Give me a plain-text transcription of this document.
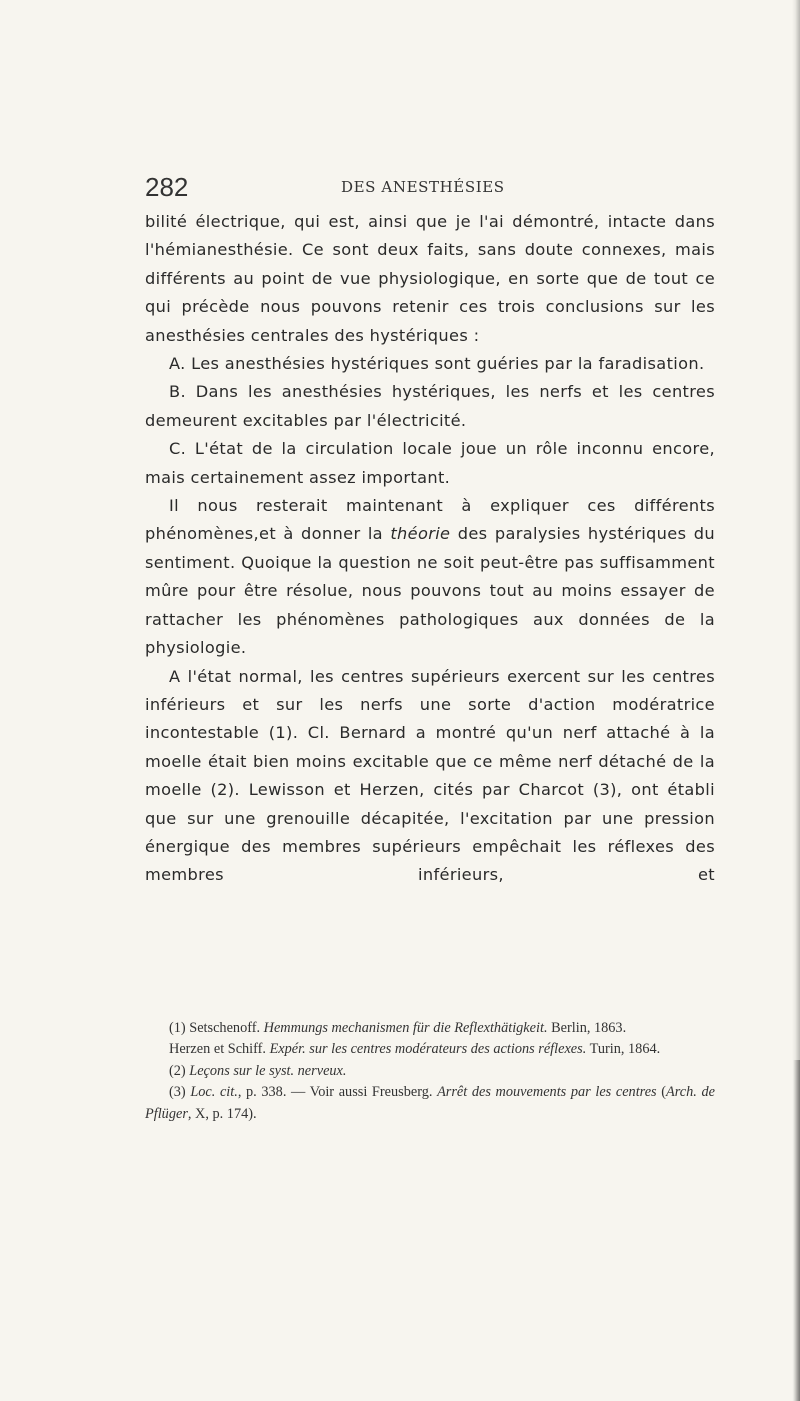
282	DES ANESTHÉSIES

bilité électrique, qui est, ainsi que je l'ai démontré, intacte dans l'hémianesthésie. Ce sont deux faits, sans doute connexes, mais différents au point de vue physiologique, en sorte que de tout ce qui précède nous pouvons retenir ces trois conclusions sur les anesthésies centrales des hystériques :

A. Les anesthésies hystériques sont guéries par la faradisation.

B. Dans les anesthésies hystériques, les nerfs et les centres demeurent excitables par l'électricité.

C. L'état de la circulation locale joue un rôle inconnu encore, mais certainement assez important.

Il nous resterait maintenant à expliquer ces différents phénomènes,et à donner la théorie des paralysies hystériques du sentiment. Quoique la question ne soit peut-être pas suffisamment mûre pour être résolue, nous pouvons tout au moins essayer de rattacher les phénomènes pathologiques aux données de la physiologie.

A l'état normal, les centres supérieurs exercent sur les centres inférieurs et sur les nerfs une sorte d'action modératrice incontestable (1). Cl. Bernard a montré qu'un nerf attaché à la moelle était bien moins excitable que ce même nerf détaché de la moelle (2). Lewisson et Herzen, cités par Charcot (3), ont établi que sur une grenouille décapitée, l'excitation par une pression énergique des membres supérieurs empêchait les réflexes des membres inférieurs, et

(1) Setschenoff. Hemmungs mechanismen für die Reflexthätigkeit. Berlin, 1863.

Herzen et Schiff. Expér. sur les centres modérateurs des actions réflexes. Turin, 1864.

(2) Leçons sur le syst. nerveux.

(3) Loc. cit., p. 338. — Voir aussi Freusberg. Arrêt des mouvements par les centres (Arch. de Pflüger, X, p. 174).
